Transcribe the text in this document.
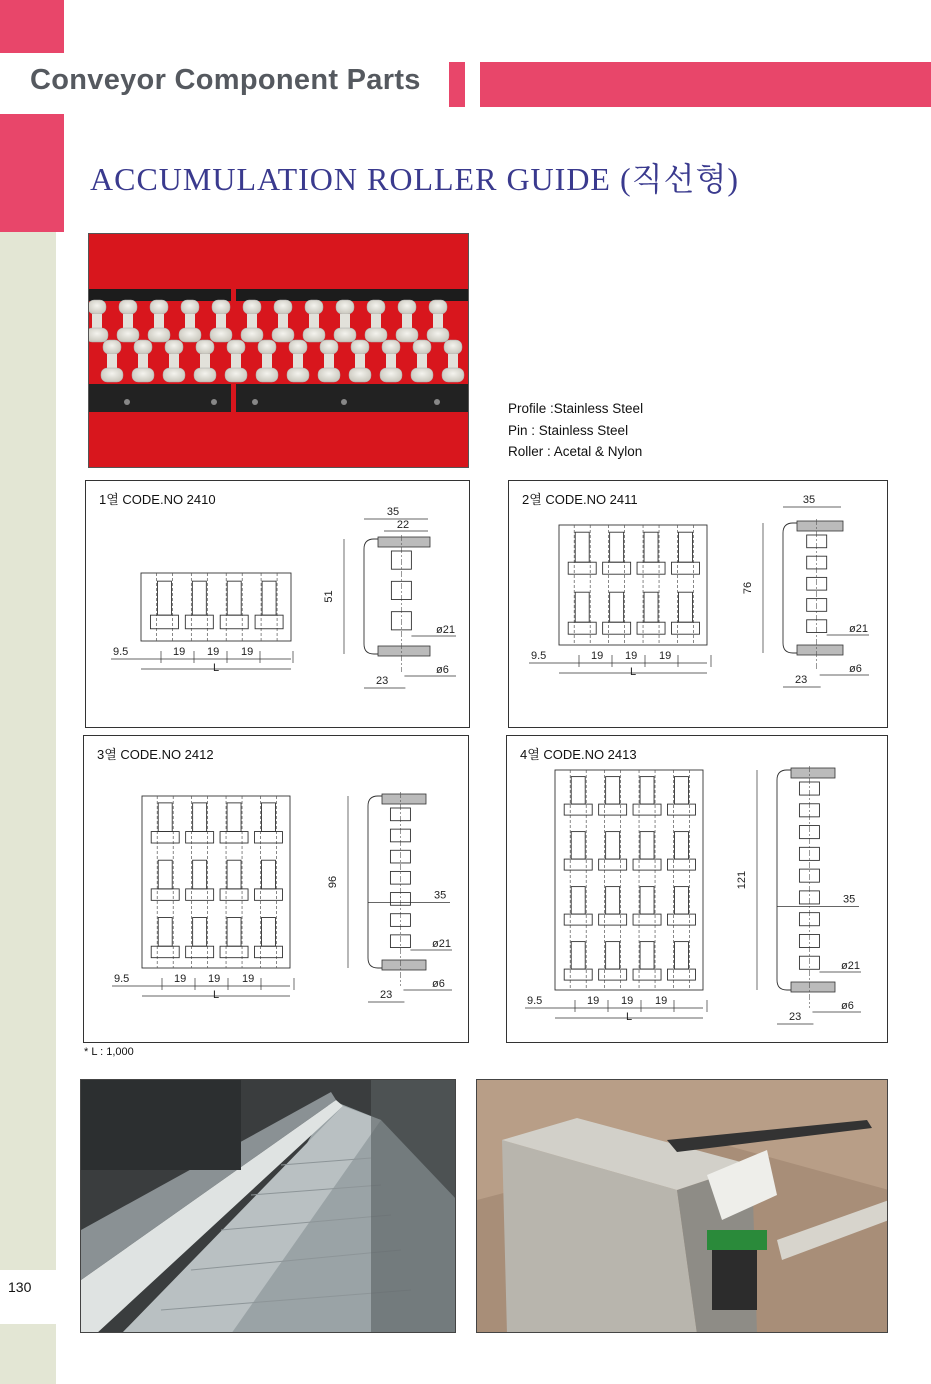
Conveyor Component Parts
ACCUMULATION ROLLER GUIDE (직선형)
Profile :Stainless Steel
Pin : Stainless Steel
Roller : Acetal & Nylon
1열 CODE.NO 2410
9.5	19 19 19
L
51
35
22
ø21
ø6
23
2열 CODE.NO 2411
9.5	19 19 19
L
76
35
ø21
ø6
23
3열 CODE.NO 2412
9.5	19 19 19
L
96
35
ø21
ø6
23
4열 CODE.NO 2413
9.5	19 19 19
L
121
35
ø21
ø6
23
* L : 1,000
130
